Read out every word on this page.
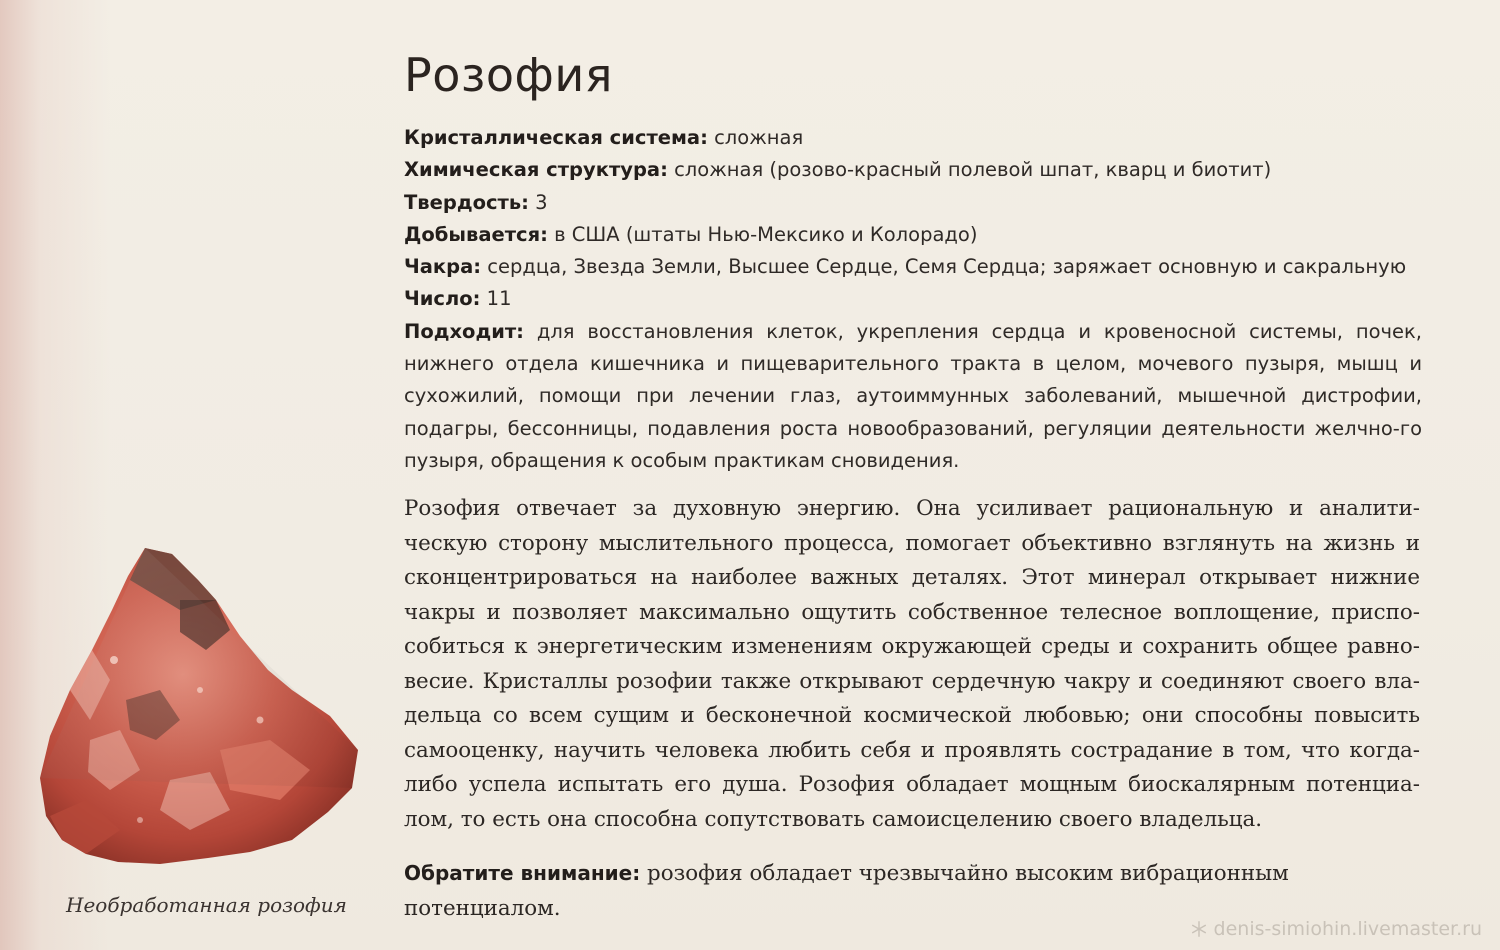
Розофия
Кристаллическая система: сложная
Химическая структура: сложная (розово-красный полевой шпат, кварц и биотит)
Твердость: 3
Добывается: в США (штаты Нью-Мексико и Колорадо)
Чакра: сердца, Звезда Земли, Высшее Сердце, Семя Сердца; заряжает основную и сакральную
Число: 11
Подходит: для восстановления клеток, укрепления сердца и кровеносной системы, почек, нижнего отдела кишечника и пищеварительного тракта в целом, мочевого пузыря, мышц и сухожилий, помощи при лечении глаз, аутоиммунных заболеваний, мышечной дистрофии, подагры, бессонницы, подавления роста новообразований, регуляции деятельности желчно-го пузыря, обращения к особым практикам сновидения.
Розофия отвечает за духовную энергию. Она усиливает рациональную и аналити-ческую сторону мыслительного процесса, помогает объективно взглянуть на жизнь и сконцентрироваться на наиболее важных деталях. Этот минерал открывает нижние чакры и позволяет максимально ощутить собственное телесное воплощение, приспо-собиться к энергетическим изменениям окружающей среды и сохранить общее равно-весие. Кристаллы розофии также открывают сердечную чакру и соединяют своего вла-дельца со всем сущим и бесконечной космической любовью; они способны повысить самооценку, научить человека любить себя и проявлять сострадание в том, что когда-либо успела испытать его душа. Розофия обладает мощным биоскалярным потенциа-лом, то есть она способна сопутствовать самоисцелению своего владельца.
Обратите внимание: розофия обладает чрезвычайно высоким вибрационным потенциалом.
Необработанная розофия
denis-simiohin.livemaster.ru
